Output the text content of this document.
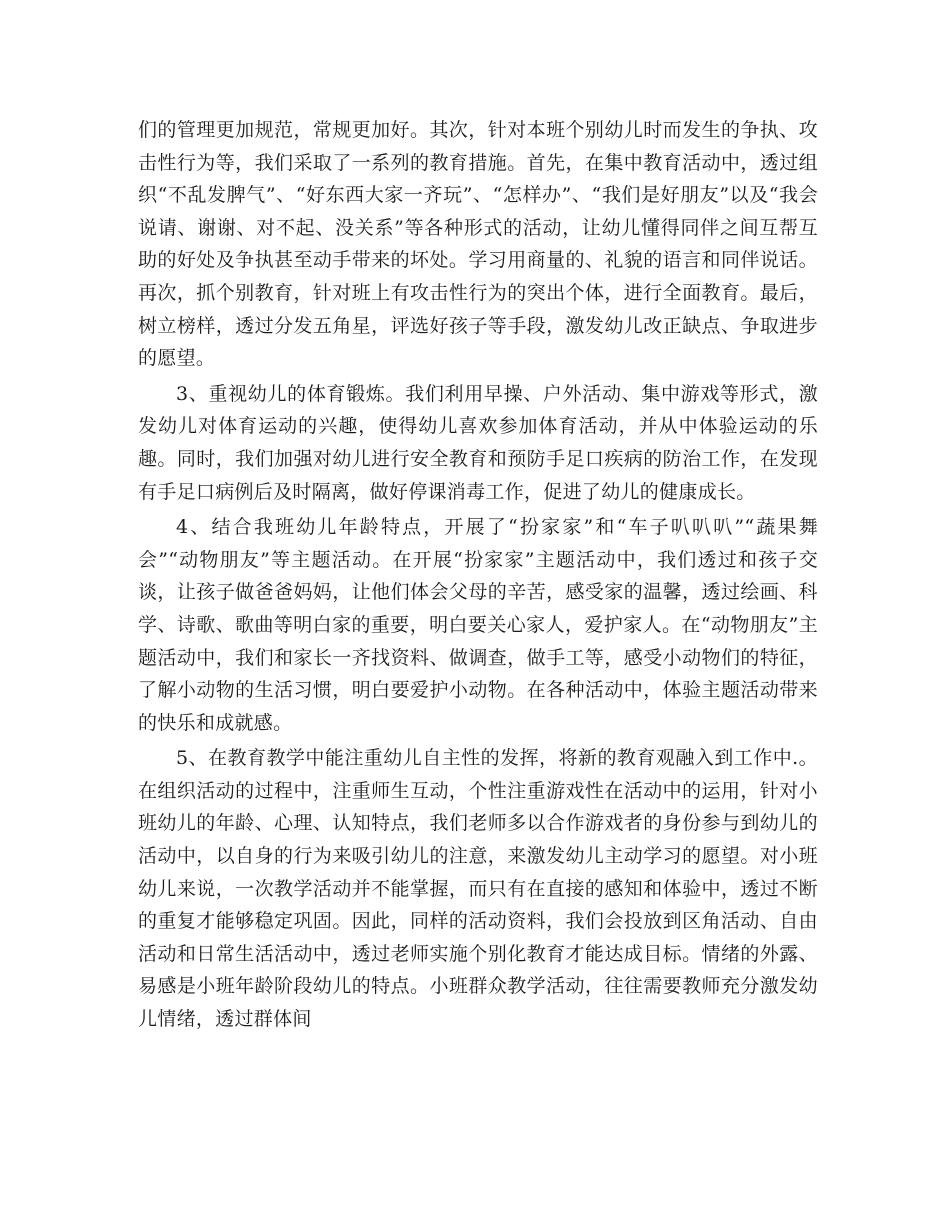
们的管理更加规范，常规更加好。其次，针对本班个别幼儿时而发生的争执、攻击性行为等，我们采取了一系列的教育措施。首先，在集中教育活动中，透过组织“不乱发脾气”、“好东西大家一齐玩”、“怎样办”、“我们是好朋友”以及“我会说请、谢谢、对不起、没关系”等各种形式的活动，让幼儿懂得同伴之间互帮互助的好处及争执甚至动手带来的坏处。学习用商量的、礼貌的语言和同伴说话。再次，抓个别教育，针对班上有攻击性行为的突出个体，进行全面教育。最后，树立榜样，透过分发五角星，评选好孩子等手段，激发幼儿改正缺点、争取进步的愿望。

3、重视幼儿的体育锻炼。我们利用早操、户外活动、集中游戏等形式，激发幼儿对体育运动的兴趣，使得幼儿喜欢参加体育活动，并从中体验运动的乐趣。同时，我们加强对幼儿进行安全教育和预防手足口疾病的防治工作，在发现有手足口病例后及时隔离，做好停课消毒工作，促进了幼儿的健康成长。

4、结合我班幼儿年龄特点，开展了“扮家家”和“车子叭叭叭”“蔬果舞会”“动物朋友”等主题活动。在开展“扮家家”主题活动中，我们透过和孩子交谈，让孩子做爸爸妈妈，让他们体会父母的辛苦，感受家的温馨，透过绘画、科学、诗歌、歌曲等明白家的重要，明白要关心家人，爱护家人。在“动物朋友”主题活动中，我们和家长一齐找资料、做调查，做手工等，感受小动物们的特征，了解小动物的生活习惯，明白要爱护小动物。在各种活动中，体验主题活动带来的快乐和成就感。

5、在教育教学中能注重幼儿自主性的发挥，将新的教育观融入到工作中.。在组织活动的过程中，注重师生互动，个性注重游戏性在活动中的运用，针对小班幼儿的年龄、心理、认知特点，我们老师多以合作游戏者的身份参与到幼儿的活动中，以自身的行为来吸引幼儿的注意，来激发幼儿主动学习的愿望。对小班幼儿来说，一次教学活动并不能掌握，而只有在直接的感知和体验中，透过不断的重复才能够稳定巩固。因此，同样的活动资料，我们会投放到区角活动、自由活动和日常生活活动中，透过老师实施个别化教育才能达成目标。情绪的外露、易感是小班年龄阶段幼儿的特点。小班群众教学活动，往往需要教师充分激发幼儿情绪，透过群体间
